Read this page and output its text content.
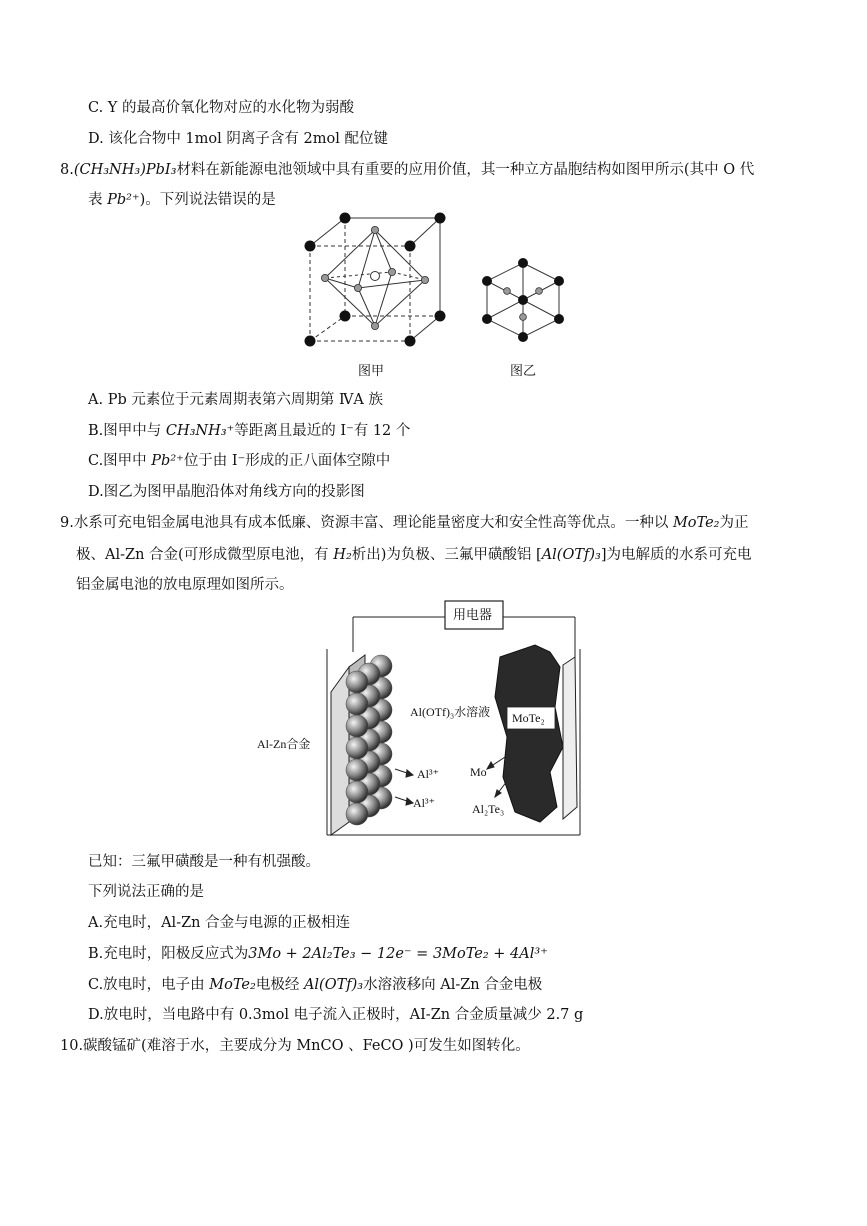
C. Y 的最高价氧化物对应的水化物为弱酸
D. 该化合物中 1mol 阴离子含有 2mol 配位键
8.(CH₃NH₃)PbI₃材料在新能源电池领域中具有重要的应用价值，其一种立方晶胞结构如图甲所示(其中 O 代
表 Pb²⁺)。下列说法错误的是
图甲	图乙
A. Pb 元素位于元素周期表第六周期第 ⅣA 族
B.图甲中与 CH₃NH₃⁺等距离且最近的 I⁻有 12 个
C.图甲中 Pb²⁺位于由 I⁻形成的正八面体空隙中
D.图乙为图甲晶胞沿体对角线方向的投影图
9.水系可充电铝金属电池具有成本低廉、资源丰富、理论能量密度大和安全性高等优点。一种以 MoTe₂为正
极、Al-Zn 合金(可形成微型原电池，有 H₂析出)为负极、三氟甲磺酸铝 [Al(OTf)₃]为电解质的水系可充电
铝金属电池的放电原理如图所示。
用电器
Al-Zn合金
Al(OTf)₃水溶液 MoTe₂
Al³⁺
Al³⁺
Mo
Al₂Te₃
已知：三氟甲磺酸是一种有机强酸。
下列说法正确的是
A.充电时，Al-Zn 合金与电源的正极相连
B.充电时，阳极反应式为3Mo + 2Al₂Te₃ − 12e⁻ = 3MoTe₂ + 4Al³⁺
C.放电时，电子由 MoTe₂电极经 Al(OTf)₃水溶液移向 Al-Zn 合金电极
D.放电时，当电路中有 0.3mol 电子流入正极时，AI-Zn 合金质量减少 2.7 g
10.碳酸锰矿(难溶于水，主要成分为 MnCO 、FeCO )可发生如图转化。
